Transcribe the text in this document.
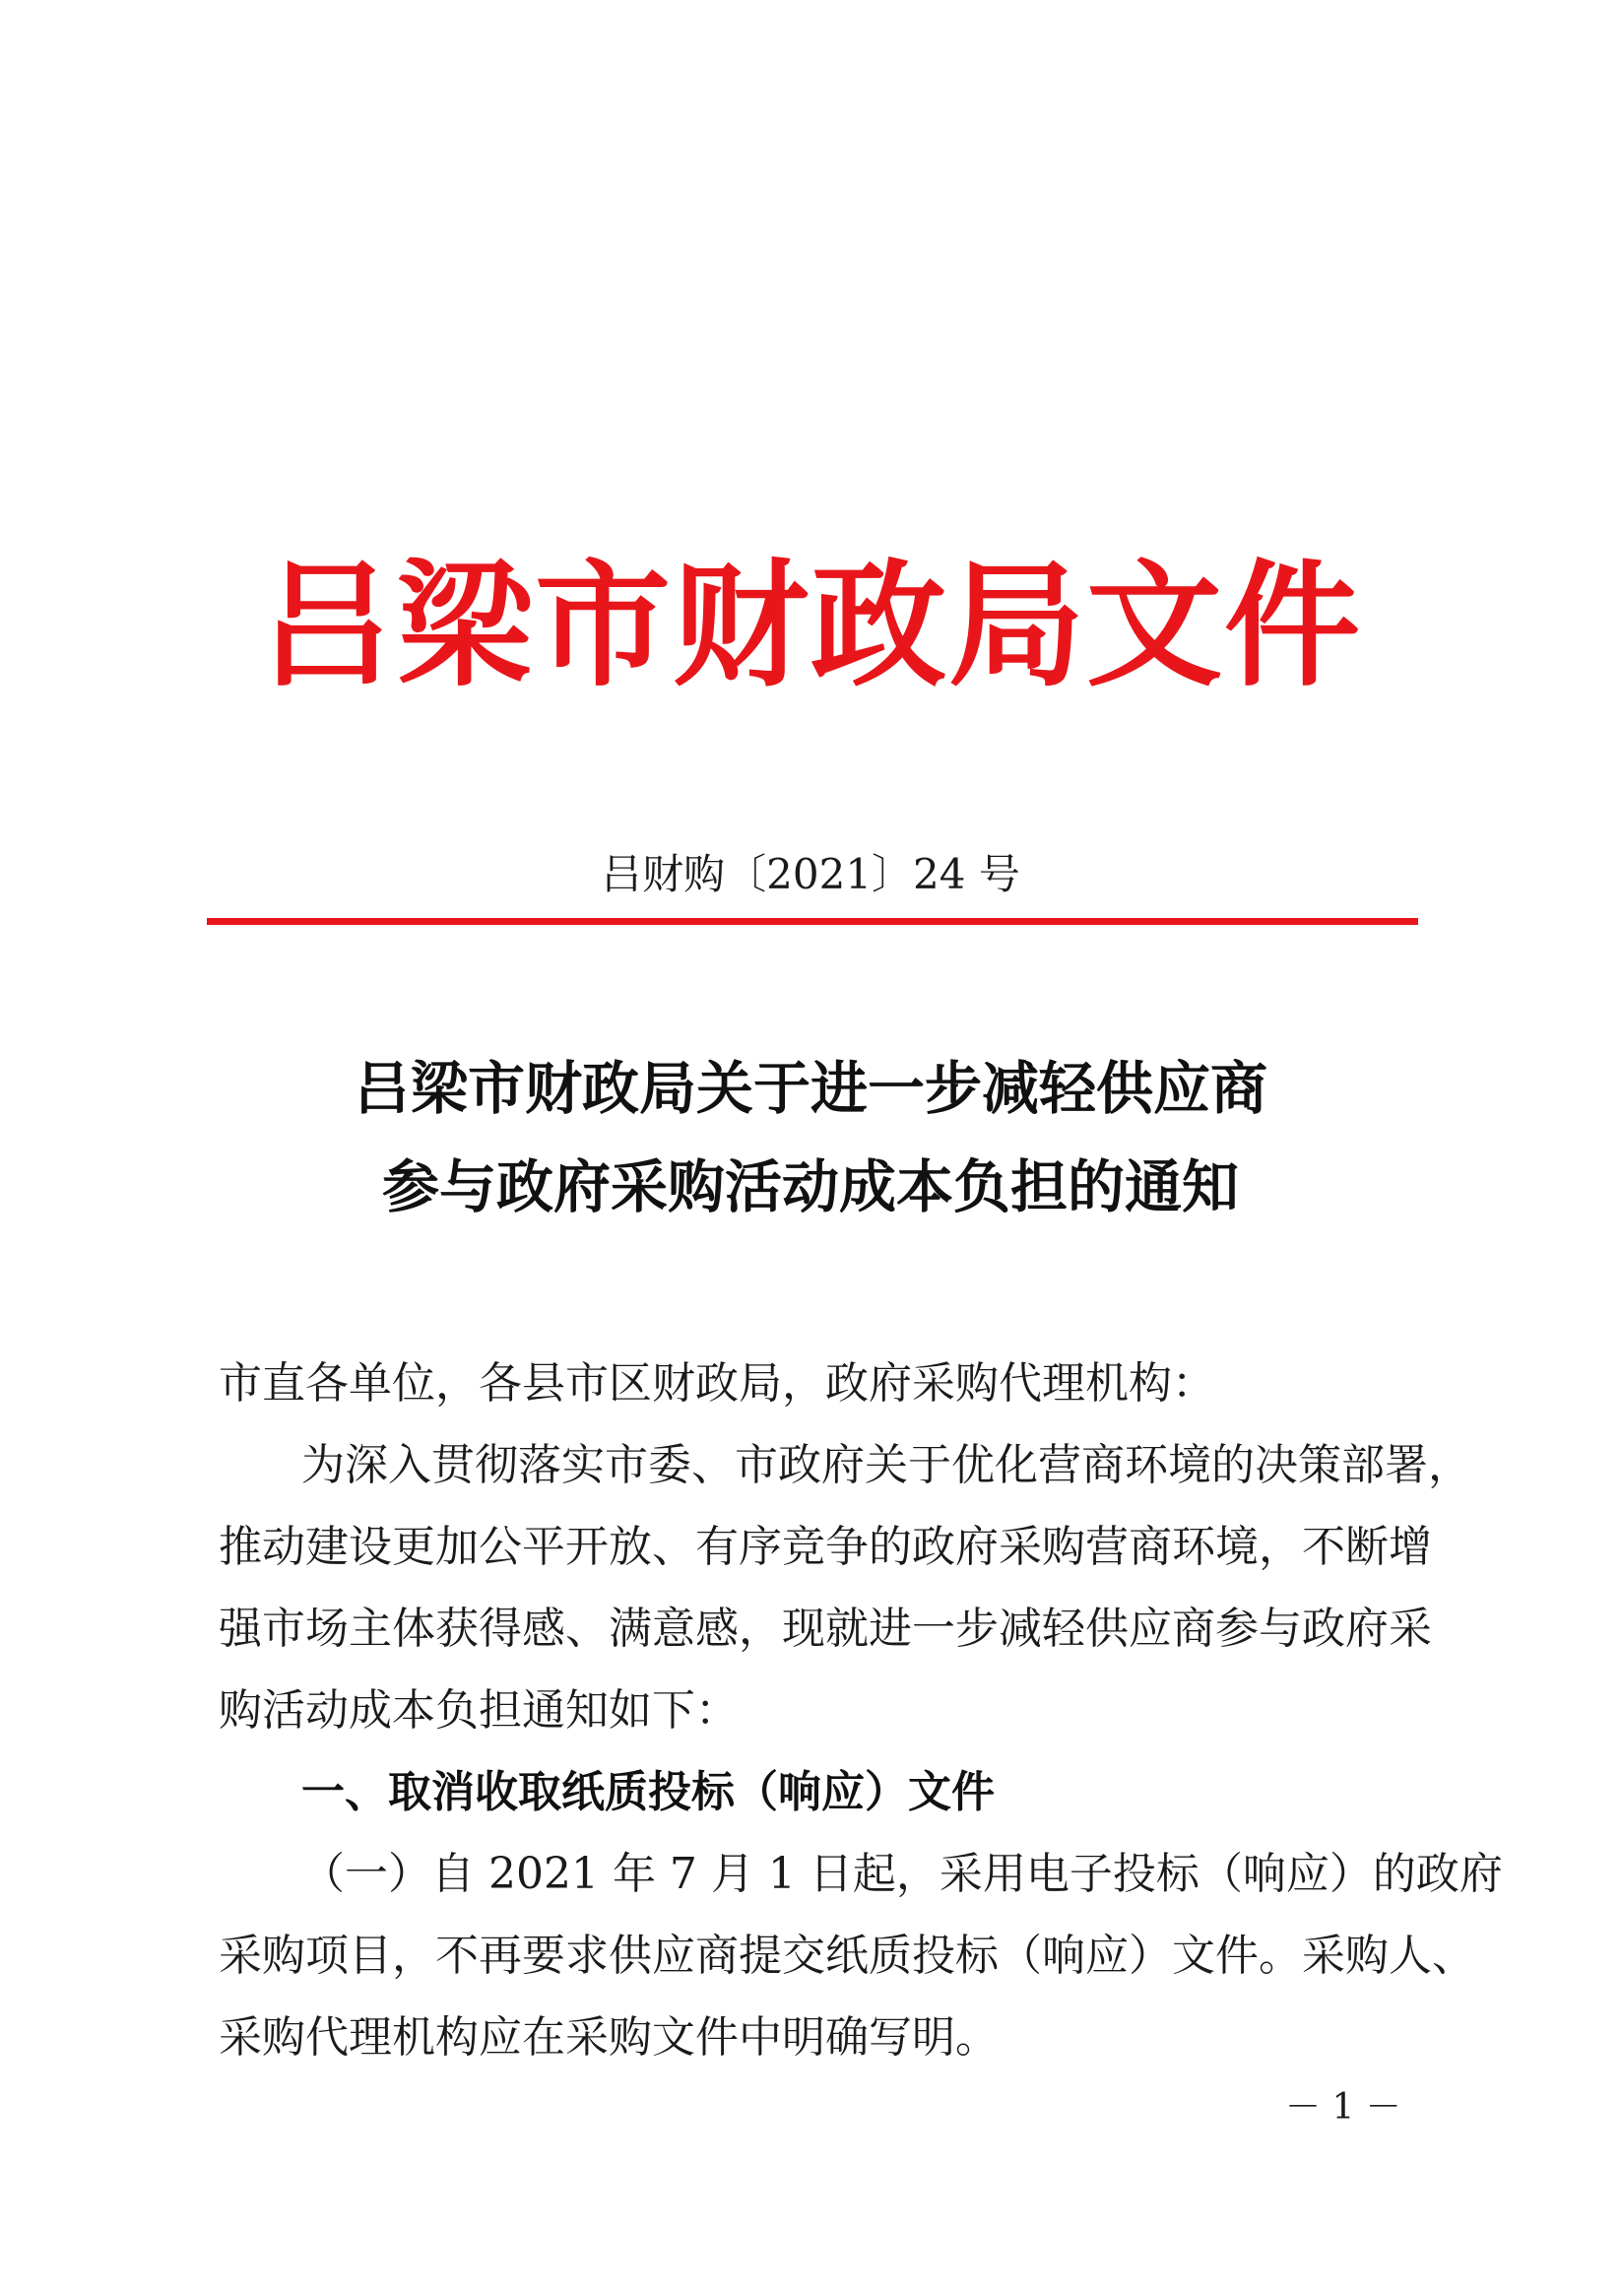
吕梁市财政局文件
吕财购〔2021〕24 号
吕梁市财政局关于进一步减轻供应商
参与政府采购活动成本负担的通知
市直各单位，各县市区财政局，政府采购代理机构：
为深入贯彻落实市委、市政府关于优化营商环境的决策部署，
推动建设更加公平开放、有序竞争的政府采购营商环境，不断增
强市场主体获得感、满意感，现就进一步减轻供应商参与政府采
购活动成本负担通知如下：
一、取消收取纸质投标（响应）文件
（一）自 2021 年 7 月 1 日起，采用电子投标（响应）的政府
采购项目，不再要求供应商提交纸质投标（响应）文件。采购人、
采购代理机构应在采购文件中明确写明。
－ 1 －
